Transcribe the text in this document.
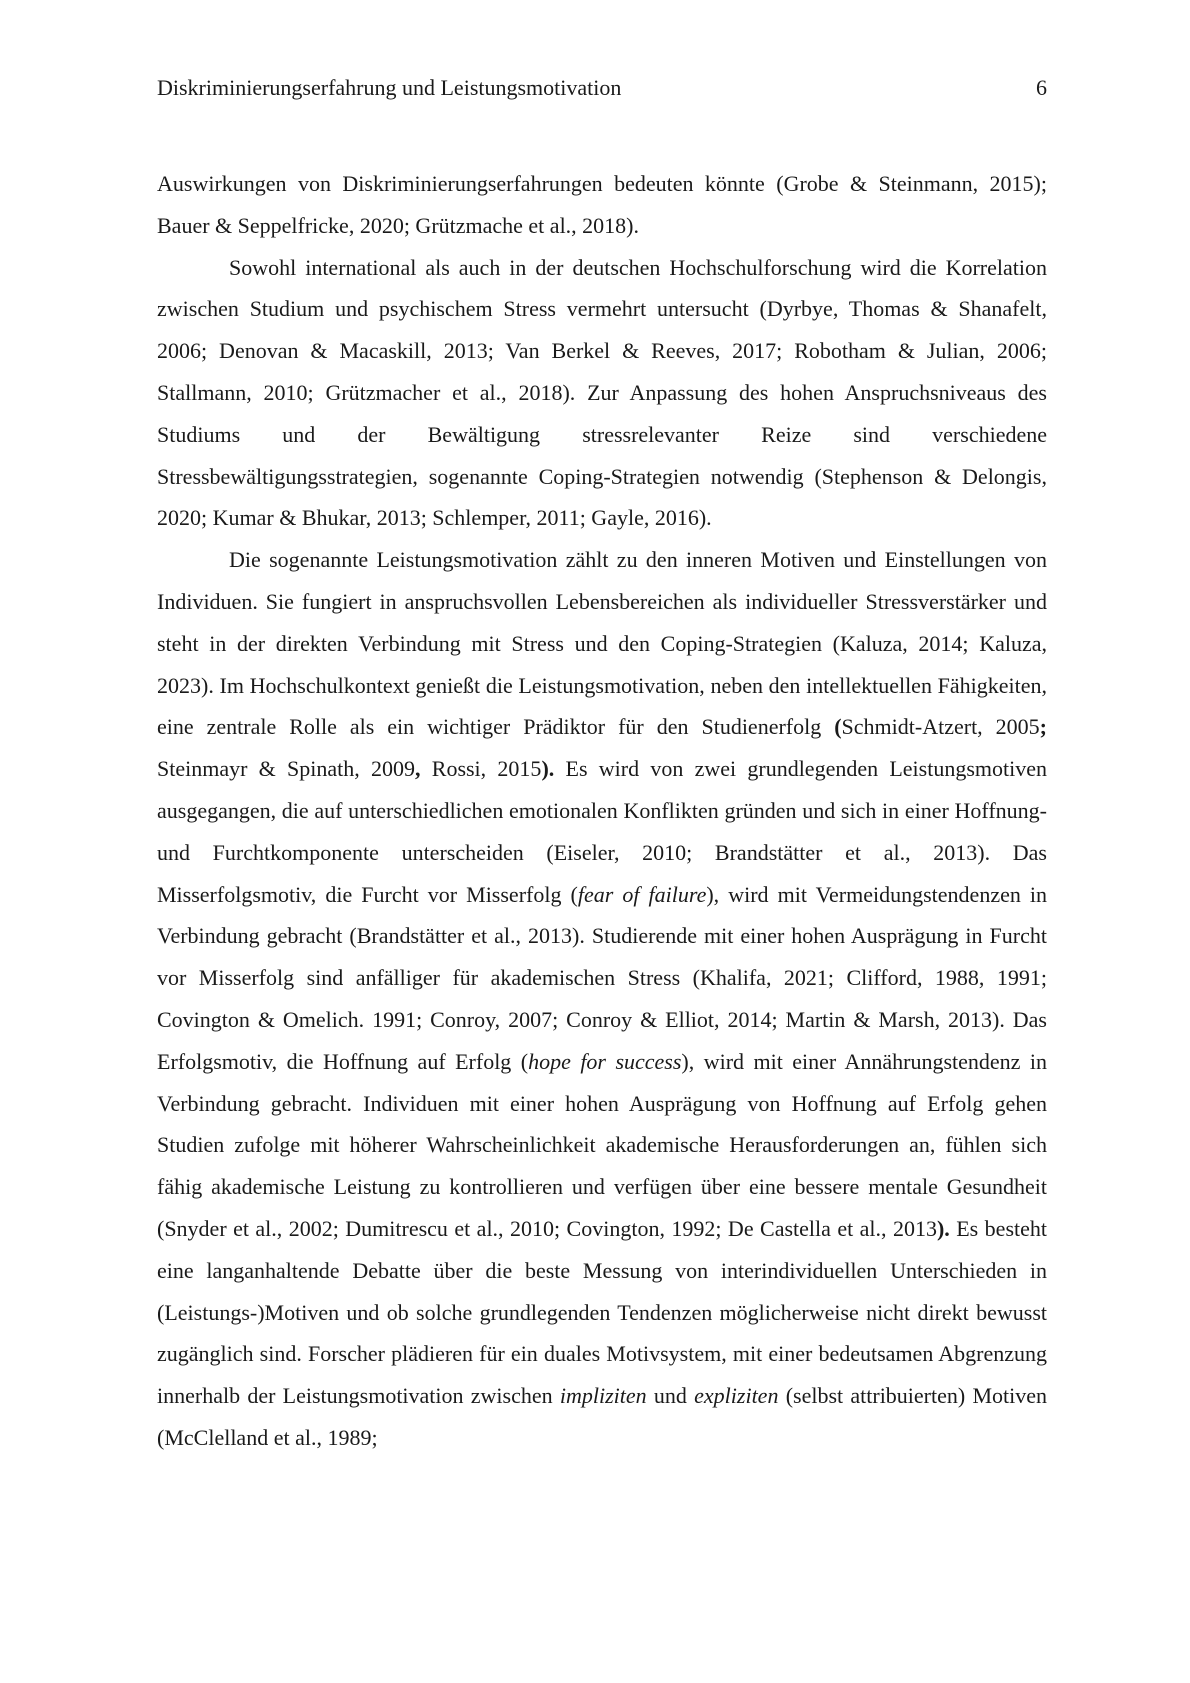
Diskriminierungserfahrung und Leistungsmotivation	6

Auswirkungen von Diskriminierungserfahrungen bedeuten könnte (Grobe & Steinmann, 2015); Bauer & Seppelfricke, 2020; Grützmache et al., 2018).

Sowohl international als auch in der deutschen Hochschulforschung wird die Korrelation zwischen Studium und psychischem Stress vermehrt untersucht (Dyrbye, Thomas & Shanafelt, 2006; Denovan & Macaskill, 2013; Van Berkel & Reeves, 2017; Robotham & Julian, 2006; Stallmann, 2010; Grützmacher et al., 2018). Zur Anpassung des hohen Anspruchsniveaus des Studiums und der Bewältigung stressrelevanter Reize sind verschiedene Stressbewältigungsstrategien, sogenannte Coping-Strategien notwendig (Stephenson & Delongis, 2020; Kumar & Bhukar, 2013; Schlemper, 2011; Gayle, 2016).

Die sogenannte Leistungsmotivation zählt zu den inneren Motiven und Einstellungen von Individuen. Sie fungiert in anspruchsvollen Lebensbereichen als individueller Stressverstärker und steht in der direkten Verbindung mit Stress und den Coping-Strategien (Kaluza, 2014; Kaluza, 2023). Im Hochschulkontext genießt die Leistungsmotivation, neben den intellektuellen Fähigkeiten, eine zentrale Rolle als ein wichtiger Prädiktor für den Studienerfolg (Schmidt-Atzert, 2005; Steinmayr & Spinath, 2009, Rossi, 2015). Es wird von zwei grundlegenden Leistungsmotiven ausgegangen, die auf unterschiedlichen emotionalen Konflikten gründen und sich in einer Hoffnung- und Furchtkomponente unterscheiden (Eiseler, 2010; Brandstätter et al., 2013). Das Misserfolgsmotiv, die Furcht vor Misserfolg (fear of failure), wird mit Vermeidungstendenzen in Verbindung gebracht (Brandstätter et al., 2013). Studierende mit einer hohen Ausprägung in Furcht vor Misserfolg sind anfälliger für akademischen Stress (Khalifa, 2021; Clifford, 1988, 1991; Covington & Omelich. 1991; Conroy, 2007; Conroy & Elliot, 2014; Martin & Marsh, 2013). Das Erfolgsmotiv, die Hoffnung auf Erfolg (hope for success), wird mit einer Annährungstendenz in Verbindung gebracht. Individuen mit einer hohen Ausprägung von Hoffnung auf Erfolg gehen Studien zufolge mit höherer Wahrscheinlichkeit akademische Herausforderungen an, fühlen sich fähig akademische Leistung zu kontrollieren und verfügen über eine bessere mentale Gesundheit (Snyder et al., 2002; Dumitrescu et al., 2010; Covington, 1992; De Castella et al., 2013). Es besteht eine langanhaltende Debatte über die beste Messung von interindividuellen Unterschieden in (Leistungs-)Motiven und ob solche grundlegenden Tendenzen möglicherweise nicht direkt bewusst zugänglich sind. Forscher plädieren für ein duales Motivsystem, mit einer bedeutsamen Abgrenzung innerhalb der Leistungsmotivation zwischen impliziten und expliziten (selbst attribuierten) Motiven (McClelland et al., 1989;
